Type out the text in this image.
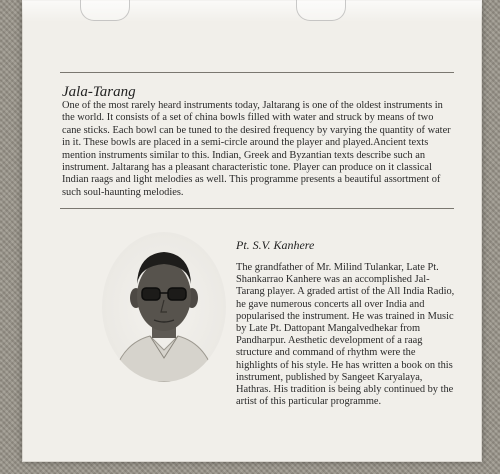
Jala-Tarang
One of the most rarely heard instruments today, Jaltarang is one of the oldest instruments in the world. It consists of a set of china bowls filled with water and struck by means of two cane sticks. Each bowl can be tuned to the desired frequency by varying the quantity of water in it. These bowls are placed in a semi-circle around the player and played.Ancient texts mention instruments similar to this. Indian, Greek and Byzantian texts describe such an instrument. Jaltarang has a pleasant characteristic tone. Player can produce on it classical Indian raags and light melodies as well. This programme presents a beautiful assortment of such soul-haunting melodies.
Pt. S.V. Kanhere
The grandfather of Mr. Milind Tulankar, Late Pt. Shankarrao Kanhere was an accomplished Jal-Tarang player. A graded artist of the All India Radio, he gave numerous concerts all over India and popularised the instrument. He was trained in Music by Late Pt. Dattopant Mangalvedhekar from Pandharpur. Aesthetic development of a raag structure and command of rhythm were the highlights of his style. He has written a book on this instrument, published by Sangeet Karyalaya, Hathras. His tradition is being ably continued by the artist of this particular programme.
